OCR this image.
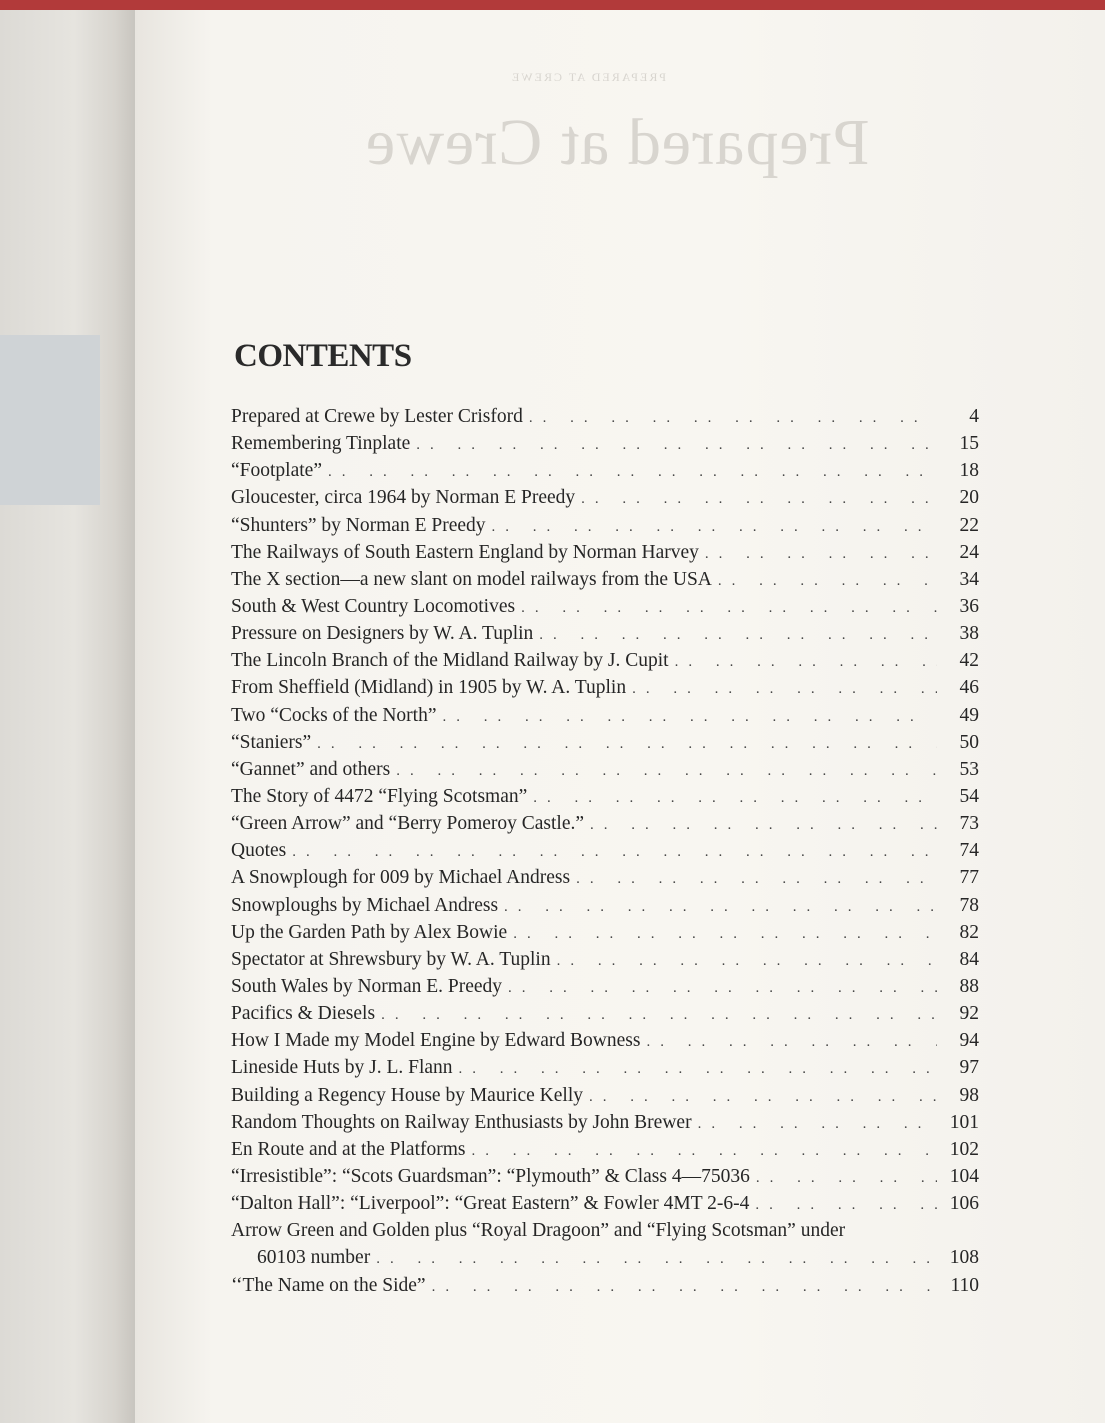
PREPARED AT CREWE
Prepared at Crewe
CONTENTS
Prepared at Crewe by Lester Crisford .. ..	4
Remembering Tinplate .. ..	15
“Footplate” .. ..	18
Gloucester, circa 1964 by Norman E Preedy .. ..	20
“Shunters” by Norman E Preedy .. ..	22
The Railways of South Eastern England by Norman Harvey .. ..	24
The X section—a new slant on model railways from the USA .. ..	34
South & West Country Locomotives .. ..	36
Pressure on Designers by W. A. Tuplin .. ..	38
The Lincoln Branch of the Midland Railway by J. Cupit .. ..	42
From Sheffield (Midland) in 1905 by W. A. Tuplin .. ..	46
Two “Cocks of the North” .. ..	49
“Staniers” .. ..	50
“Gannet” and others .. ..	53
The Story of 4472 “Flying Scotsman” .. ..	54
“Green Arrow” and “Berry Pomeroy Castle.” .. ..	73
Quotes .. ..	74
A Snowplough for 009 by Michael Andress .. ..	77
Snowploughs by Michael Andress .. ..	78
Up the Garden Path by Alex Bowie .. ..	82
Spectator at Shrewsbury by W. A. Tuplin .. ..	84
South Wales by Norman E. Preedy .. ..	88
Pacifics & Diesels .. ..	92
How I Made my Model Engine by Edward Bowness .. ..	94
Lineside Huts by J. L. Flann .. ..	97
Building a Regency House by Maurice Kelly .. ..	98
Random Thoughts on Railway Enthusiasts by John Brewer .. ..	101
En Route and at the Platforms .. ..	102
“Irresistible”: “Scots Guardsman”: “Plymouth” & Class 4—75036 .. ..	104
“Dalton Hall”: “Liverpool”: “Great Eastern” & Fowler 4MT 2-6-4 .. ..	106
Arrow Green and Golden plus “Royal Dragoon” and “Flying Scotsman” under
60103 number .. ..	108
‘‘The Name on the Side” .. ..	110
